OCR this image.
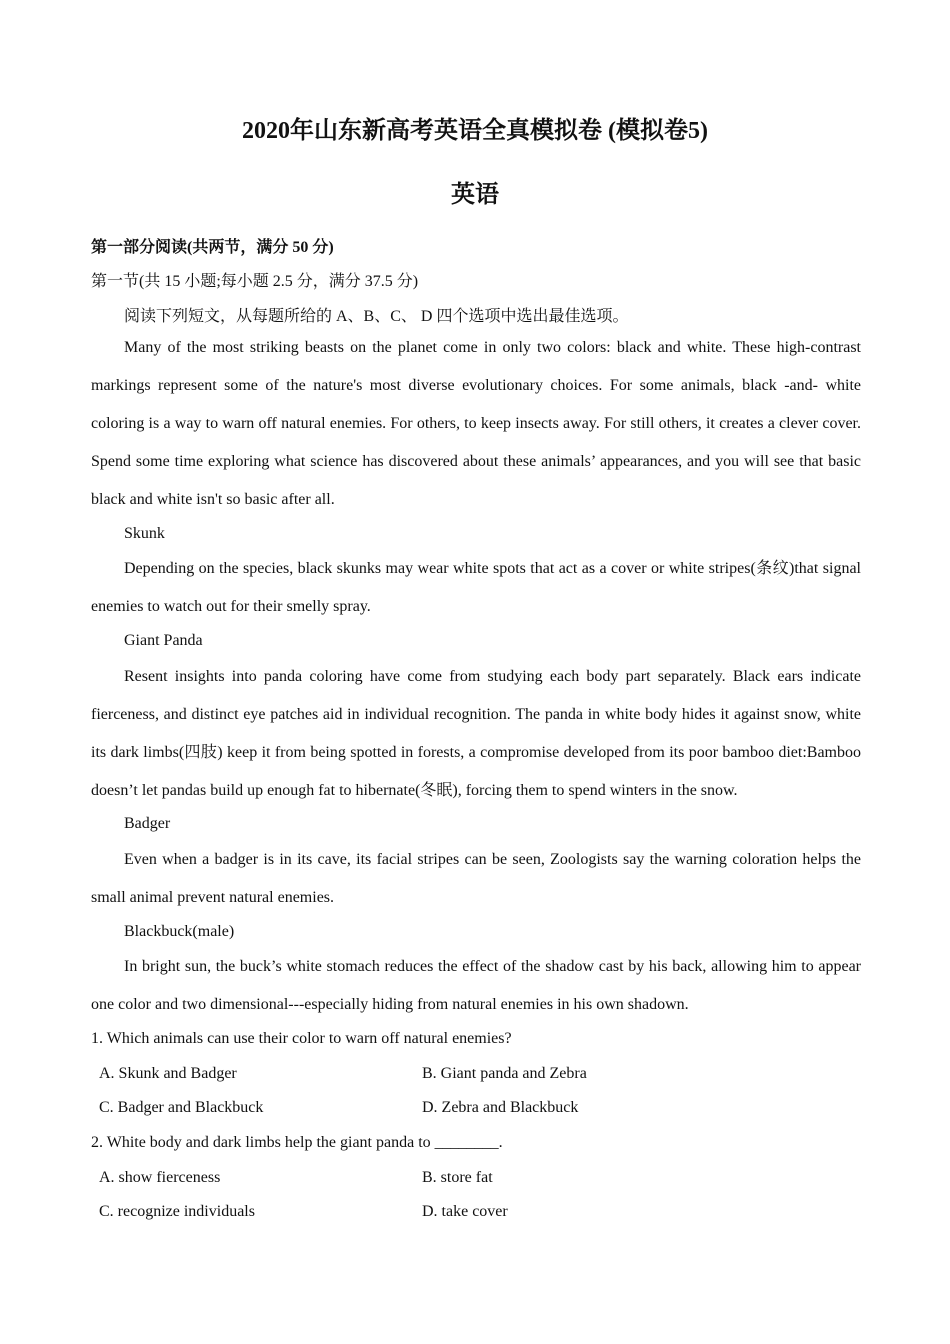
2020年山东新高考英语全真模拟卷 (模拟卷5)
英语
第一部分阅读(共两节，满分 50 分)
第一节(共 15 小题;每小题 2.5 分，满分 37.5 分)
阅读下列短文，从每题所给的 A、B、C、 D 四个选项中选出最佳选项。
Many of the most striking beasts on the planet come in only two colors: black and white. These high-contrast markings represent some of the nature's most diverse evolutionary choices. For some animals, black -and- white coloring is a way to warn off natural enemies. For others, to keep insects away. For still others, it creates a clever cover. Spend some time exploring what science has discovered about these animals’ appearances, and you will see that basic black and white isn't so basic after all.
Skunk
Depending on the species, black skunks may wear white spots that act as a cover or white stripes(条纹)that signal enemies to watch out for their smelly spray.
Giant Panda
Resent insights into panda coloring have come from studying each body part separately. Black ears indicate fierceness, and distinct eye patches aid in individual recognition. The panda in white body hides it against snow, white its dark limbs(四肢) keep it from being spotted in forests, a compromise developed from its poor bamboo diet:Bamboo doesn’t let pandas build up enough fat to hibernate(冬眠), forcing them to spend winters in the snow.
Badger
Even when a badger is in its cave, its facial stripes can be seen, Zoologists say the warning coloration helps the small animal prevent natural enemies.
Blackbuck(male)
In bright sun, the buck’s white stomach reduces the effect of the shadow cast by his back, allowing him to appear one color and two dimensional---especially hiding from natural enemies in his own shadown.
1. Which animals can use their color to warn off natural enemies?
A. Skunk and Badger	B. Giant panda and Zebra
C. Badger and Blackbuck	D. Zebra and Blackbuck
2. White body and dark limbs help the giant panda to ________.
A. show fierceness	B. store fat
C. recognize individuals	D. take cover
